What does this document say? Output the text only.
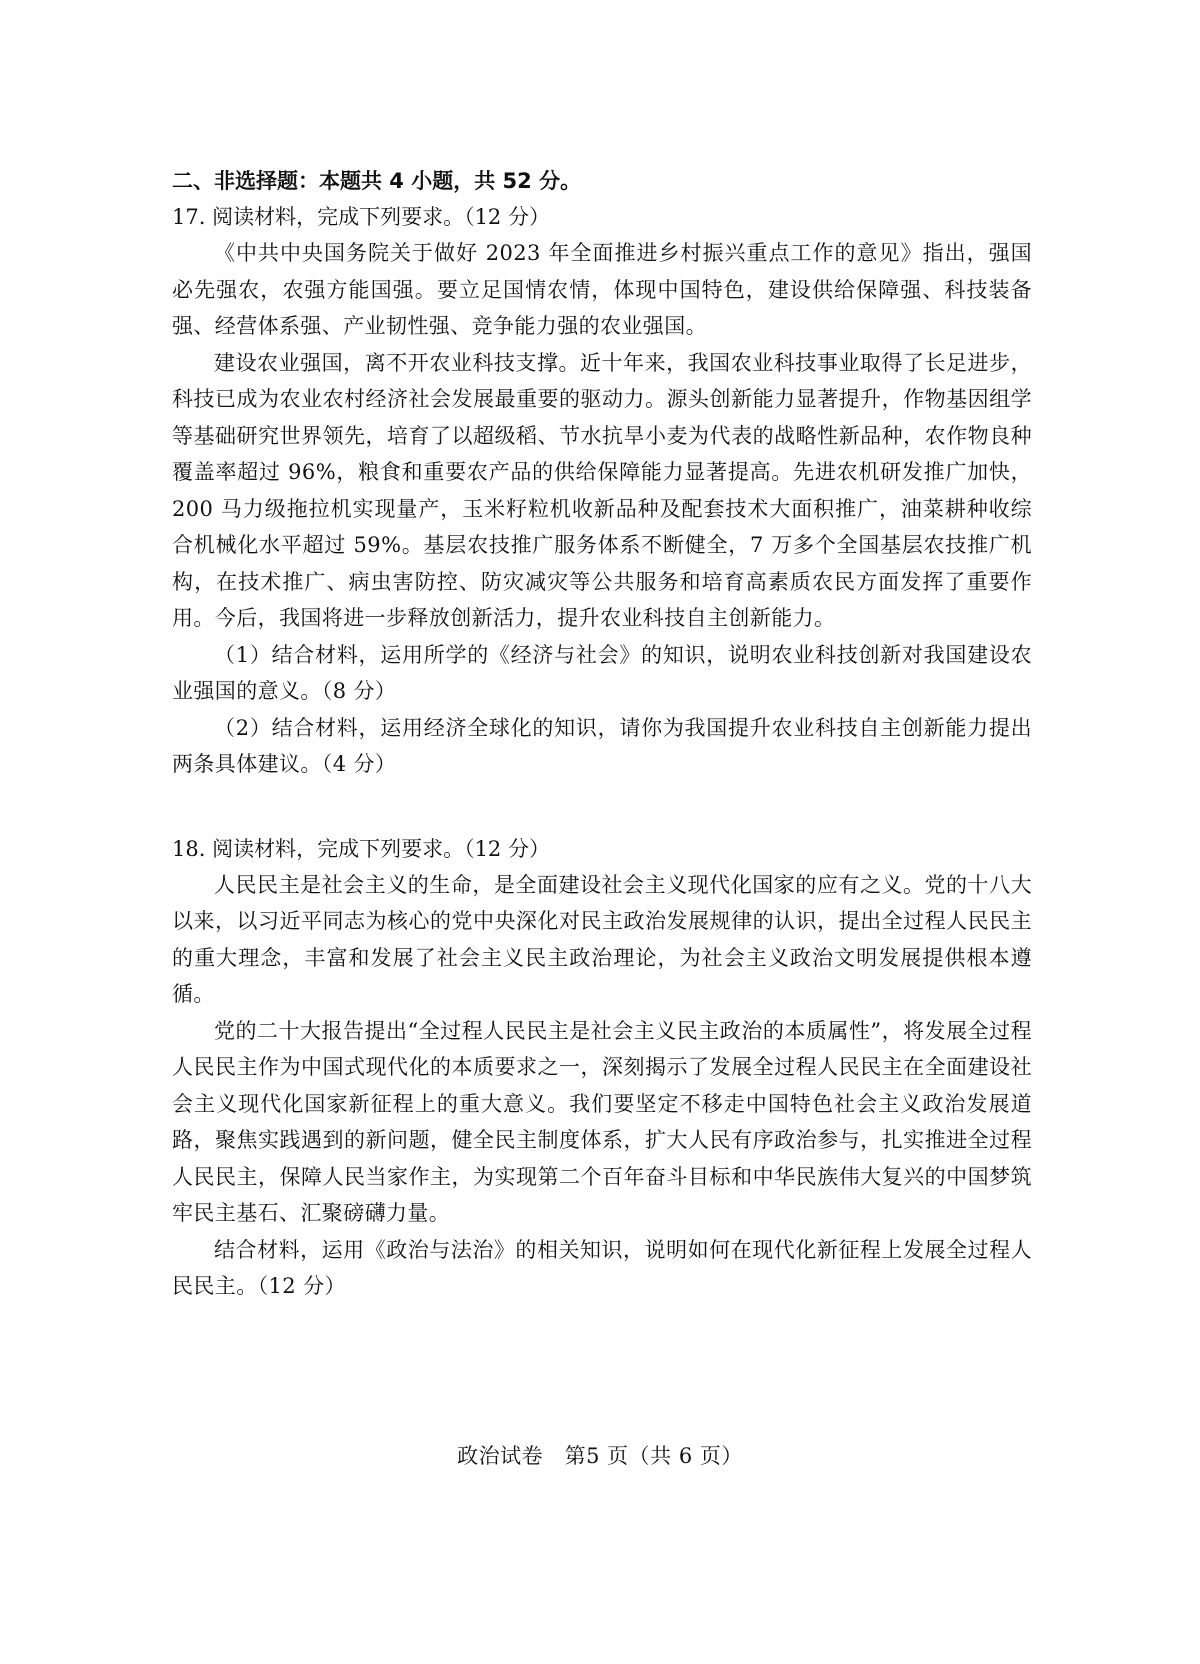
二、非选择题：本题共 4 小题，共 52 分。

17. 阅读材料，完成下列要求。（12 分）

《中共中央国务院关于做好 2023 年全面推进乡村振兴重点工作的意见》指出，强国必先强农，农强方能国强。要立足国情农情，体现中国特色，建设供给保障强、科技装备强、经营体系强、产业韧性强、竞争能力强的农业强国。

建设农业强国，离不开农业科技支撑。近十年来，我国农业科技事业取得了长足进步，科技已成为农业农村经济社会发展最重要的驱动力。源头创新能力显著提升，作物基因组学等基础研究世界领先，培育了以超级稻、节水抗旱小麦为代表的战略性新品种，农作物良种覆盖率超过 96%，粮食和重要农产品的供给保障能力显著提高。先进农机研发推广加快，200 马力级拖拉机实现量产，玉米籽粒机收新品种及配套技术大面积推广，油菜耕种收综合机械化水平超过 59%。基层农技推广服务体系不断健全，7 万多个全国基层农技推广机构，在技术推广、病虫害防控、防灾减灾等公共服务和培育高素质农民方面发挥了重要作用。今后，我国将进一步释放创新活力，提升农业科技自主创新能力。

（1）结合材料，运用所学的《经济与社会》的知识，说明农业科技创新对我国建设农业强国的意义。（8 分）

（2）结合材料，运用经济全球化的知识，请你为我国提升农业科技自主创新能力提出两条具体建议。（4 分）

18. 阅读材料，完成下列要求。（12 分）

人民民主是社会主义的生命，是全面建设社会主义现代化国家的应有之义。党的十八大以来，以习近平同志为核心的党中央深化对民主政治发展规律的认识，提出全过程人民民主的重大理念，丰富和发展了社会主义民主政治理论，为社会主义政治文明发展提供根本遵循。

党的二十大报告提出“全过程人民民主是社会主义民主政治的本质属性”，将发展全过程人民民主作为中国式现代化的本质要求之一，深刻揭示了发展全过程人民民主在全面建设社会主义现代化国家新征程上的重大意义。我们要坚定不移走中国特色社会主义政治发展道路，聚焦实践遇到的新问题，健全民主制度体系，扩大人民有序政治参与，扎实推进全过程人民民主，保障人民当家作主，为实现第二个百年奋斗目标和中华民族伟大复兴的中国梦筑牢民主基石、汇聚磅礴力量。

结合材料，运用《政治与法治》的相关知识，说明如何在现代化新征程上发展全过程人民民主。（12 分）

政治试卷　第5 页（共 6 页）
